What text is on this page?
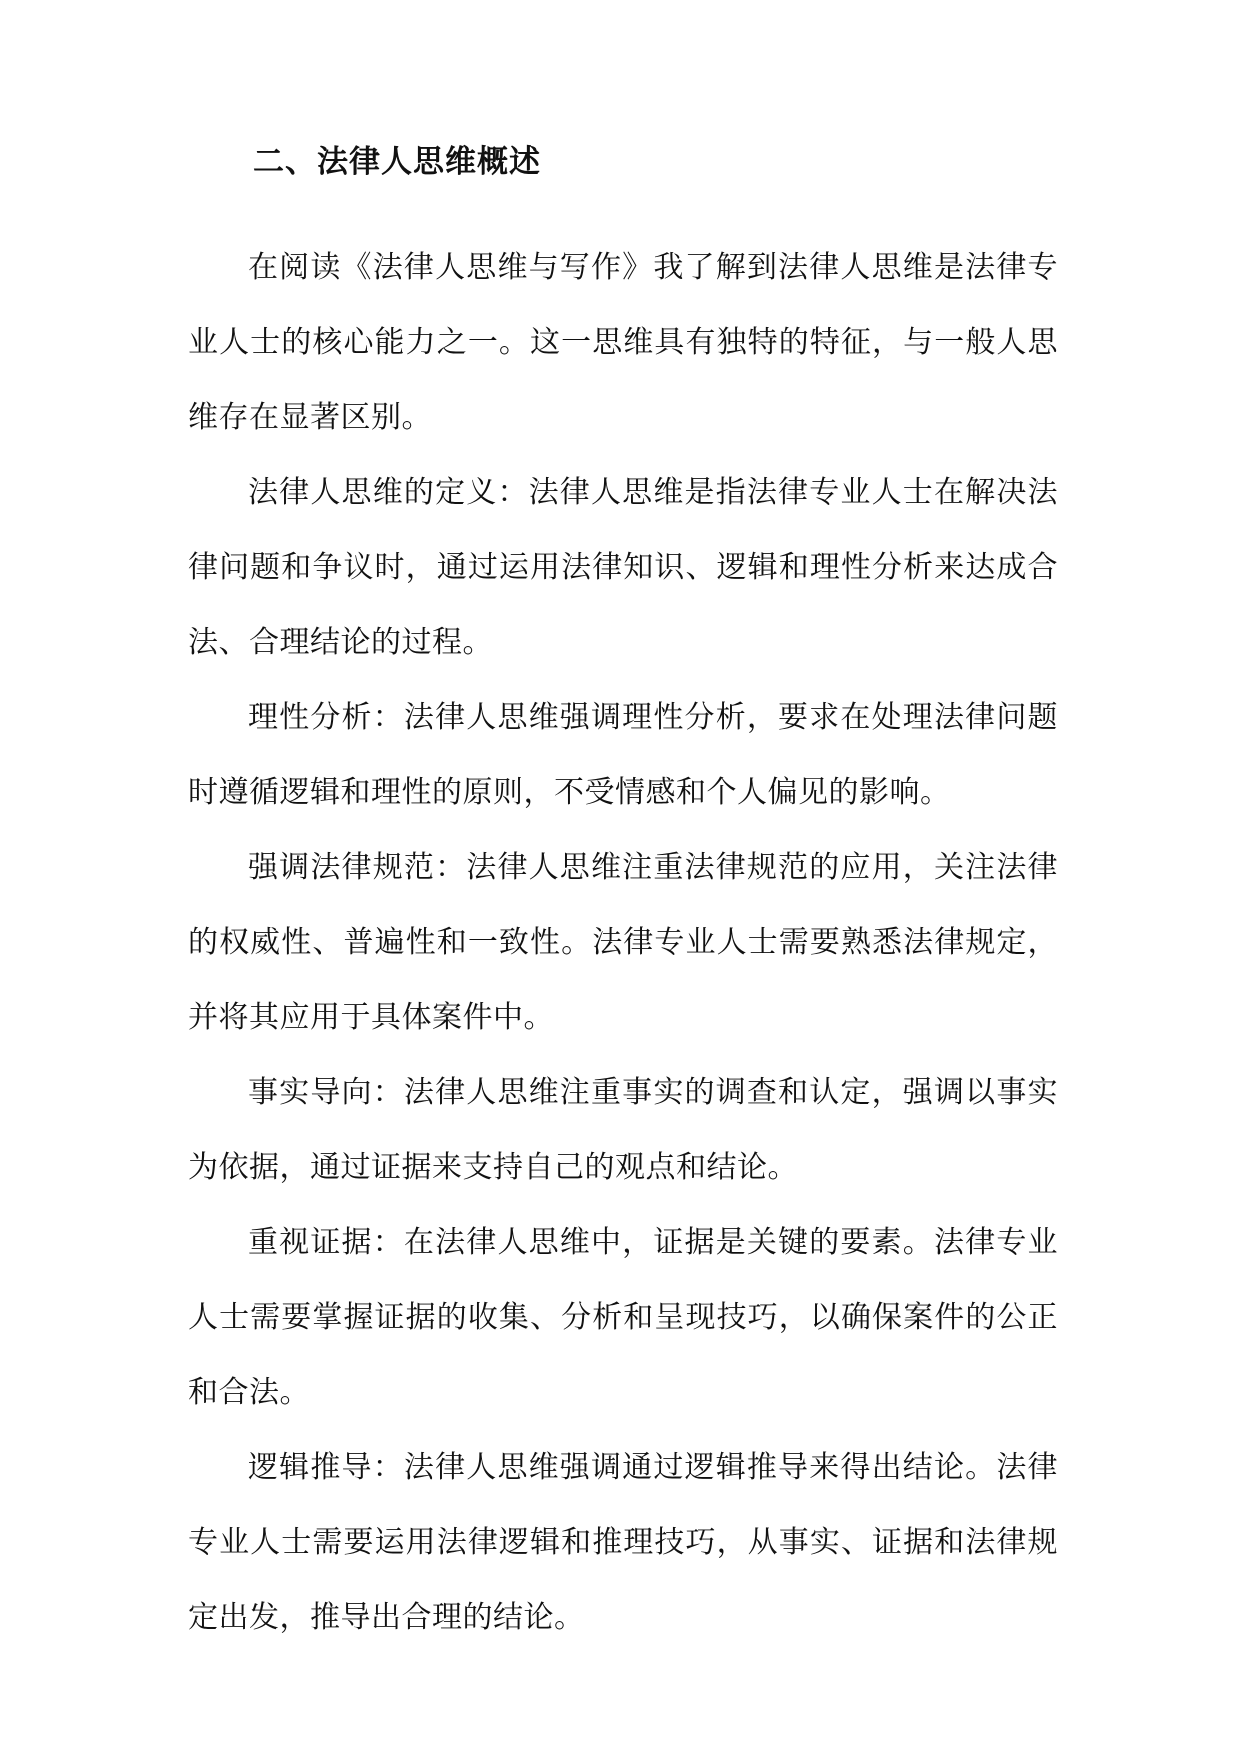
二、法律人思维概述

在阅读《法律人思维与写作》我了解到法律人思维是法律专业人士的核心能力之一。这一思维具有独特的特征，与一般人思维存在显著区别。

法律人思维的定义：法律人思维是指法律专业人士在解决法律问题和争议时，通过运用法律知识、逻辑和理性分析来达成合法、合理结论的过程。

理性分析：法律人思维强调理性分析，要求在处理法律问题时遵循逻辑和理性的原则，不受情感和个人偏见的影响。

强调法律规范：法律人思维注重法律规范的应用，关注法律的权威性、普遍性和一致性。法律专业人士需要熟悉法律规定，并将其应用于具体案件中。

事实导向：法律人思维注重事实的调查和认定，强调以事实为依据，通过证据来支持自己的观点和结论。

重视证据：在法律人思维中，证据是关键的要素。法律专业人士需要掌握证据的收集、分析和呈现技巧，以确保案件的公正和合法。

逻辑推导：法律人思维强调通过逻辑推导来得出结论。法律专业人士需要运用法律逻辑和推理技巧，从事实、证据和法律规定出发，推导出合理的结论。
